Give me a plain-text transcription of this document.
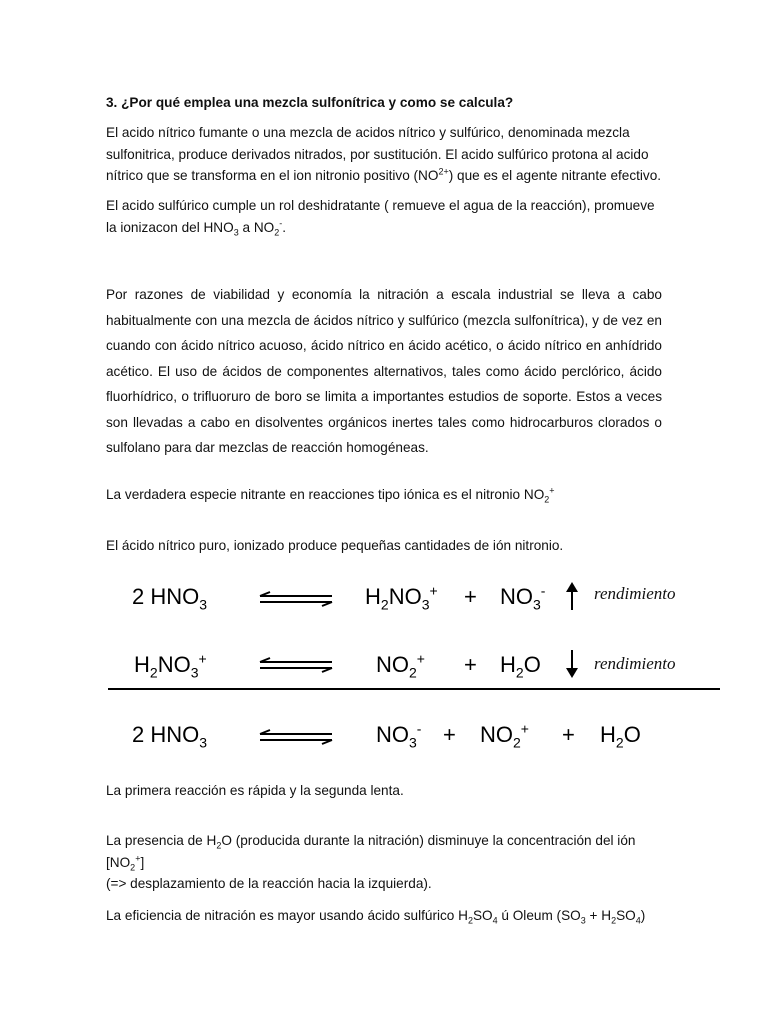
3. ¿Por qué emplea una mezcla sulfonítrica y como se calcula?

El acido nítrico fumante o una mezcla de acidos nítrico y sulfúrico, denominada mezcla sulfonitrica, produce derivados nitrados, por sustitución. El acido sulfúrico protona al acido nítrico que se transforma en el ion nitronio positivo $(NO^{2+})$ que es el agente nitrante efectivo.

El acido sulfúrico cumple un rol deshidratante ( remueve el agua de la reacción), promueve la ionizacon del $HNO_3$ a $NO_2^-$.

Por razones de viabilidad y economía la nitración a escala industrial se lleva a cabo habitualmente con una mezcla de ácidos nítrico y sulfúrico (mezcla sulfonítrica), y de vez en cuando con ácido nítrico acuoso, ácido nítrico en ácido acético, o ácido nítrico en anhídrido acético. El uso de ácidos de componentes alternativos, tales como ácido perclórico, ácido fluorhídrico, o trifluoruro de boro se limita a importantes estudios de soporte. Estos a veces son llevadas a cabo en disolventes orgánicos inertes tales como hidrocarburos clorados o sulfolano para dar mezclas de reacción homogéneas.

La verdadera especie nitrante en reacciones tipo iónica es el nitronio $NO_2^+$

El ácido nítrico puro, ionizado produce pequeñas cantidades de ión nitronio.

2 $HNO_3$	$H_2NO_3^+ + NO_3^-$	rendimiento
$H_2NO_3^+$	$NO_2^+ + H_2O$	rendimiento
2 $HNO_3$	$NO_3^- + NO_2^+ + H_2O$

La primera reacción es rápida y la segunda lenta.

La presencia de $H_2O$ (producida durante la nitración) disminuye la concentración del ión $[NO_2^+]$
(=> desplazamiento de la reacción hacia la izquierda).

La eficiencia de nitración es mayor usando ácido sulfúrico $H_2SO_4$ ú Oleum $(SO_3 + H_2SO_4)$
